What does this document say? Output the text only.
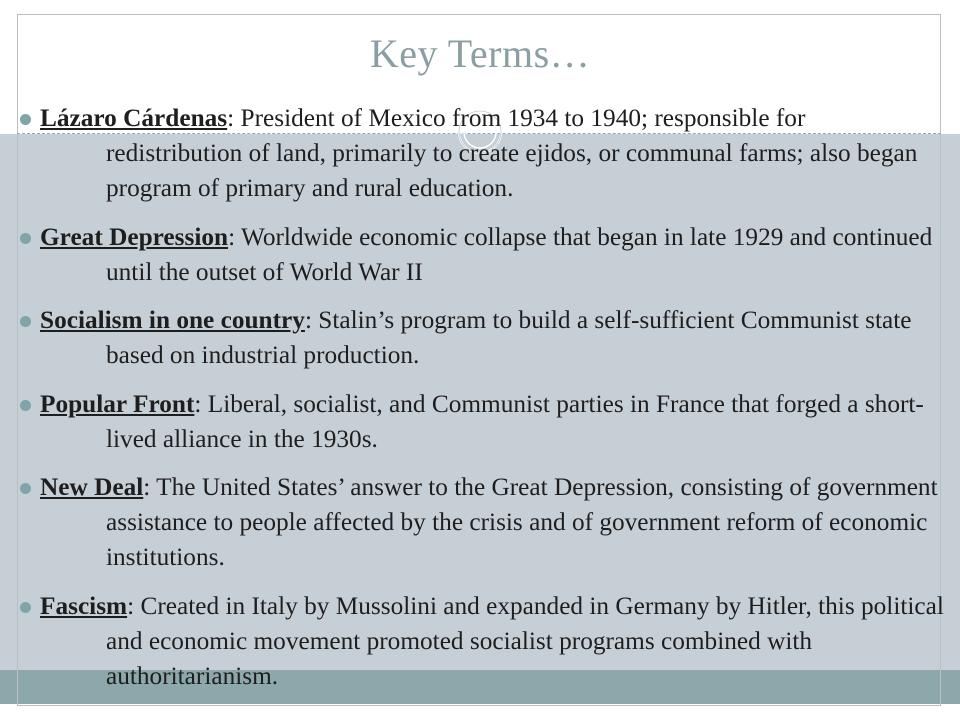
Key Terms…
Lázaro Cárdenas: President of Mexico from 1934 to 1940; responsible for redistribution of land, primarily to create ejidos, or communal farms; also began program of primary and rural education.
Great Depression: Worldwide economic collapse that began in late 1929 and continued until the outset of World War II
Socialism in one country: Stalin’s program to build a self-sufficient Communist state based on industrial production.
Popular Front: Liberal, socialist, and Communist parties in France that forged a short-lived alliance in the 1930s.
New Deal: The United States’ answer to the Great Depression, consisting of government assistance to people affected by the crisis and of government reform of economic institutions.
Fascism: Created in Italy by Mussolini and expanded in Germany by Hitler, this political and economic movement promoted socialist programs combined with authoritarianism.
